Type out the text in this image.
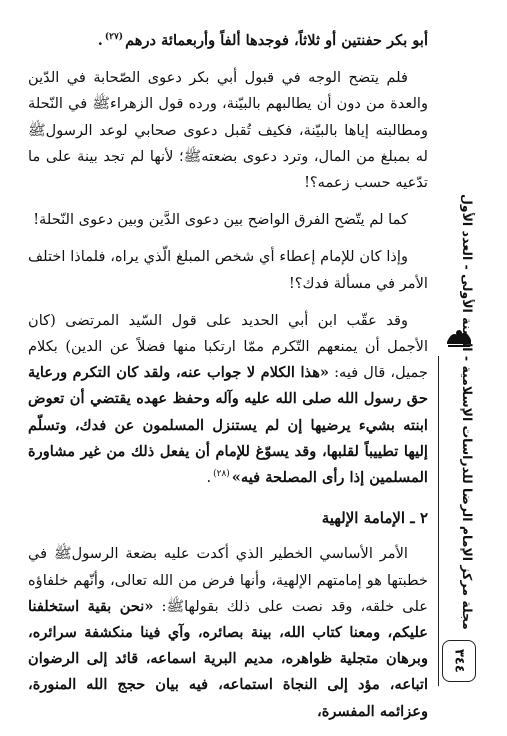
أبو بكر حفنتين أو ثلاثاً، فوجدها ألفاً وأربعمائة درهم$^{(٢٧)}$.

فلم يتضح الوجه في قبول أبي بكر دعوى الصّحابة في الدّين والعدة من دون أن يطالبهم بالبيّنة، ورده قول الزهراءﷺ في النّحلة ومطالبته إياها بالبيّنة، فكيف تُقبل دعوى صحابي لوعد الرسولﷺ له بمبلغ من المال، وترد دعوى بضعتهﷺ؛ لأنها لم تجد بينة على ما تدّعيه حسب زعمه؟!

كما لم يتّضح الفرق الواضح بين دعوى الدَّين وبين دعوى النّحلة!

وإذا كان للإمام إعطاء أي شخص المبلغ الّذي يراه، فلماذا اختلف الأمر في مسألة فدك؟!

وقد عقّب ابن أبي الحديد على قول السّيد المرتضى (كان الأجمل أن يمنعهم التّكرم ممّا ارتكبا منها فضلاً عن الدين) بكلام جميل، قال فيه: «هذا الكلام لا جواب عنه، ولقد كان التكرم ورعاية حق رسول الله صلى الله عليه وآله وحفظ عهده يقتضي أن تعوض ابنته بشيء يرضيها إن لم يستنزل المسلمون عن فدك، وتسلّم إليها تطييباً لقلبها، وقد يسوّغ للإمام أن يفعل ذلك من غير مشاورة المسلمين إذا رأى المصلحة فيه»$^{(٢٨)}$.

٢ ـ الإمامة الإلهية

الأمر الأساسي الخطير الذي أكدت عليه بضعة الرسولﷺ في خطبتها هو إمامتهم الإلهية، وأنها فرض من الله تعالى، وأنّهم خلفاؤه على خلقه، وقد نصت على ذلك بقولهاﷺ: «نحن بقية استخلفنا عليكم، ومعنا كتاب الله، بينة بصائره، وآي فينا منكشفة سرائره، وبرهان متجلية ظواهره، مديم البرية اسماعه، قائد إلى الرضوان اتباعه، مؤد إلى النجاة استماعه، فيه بيان حجج الله المنورة، وعزائمه المفسرة،

مجلة مركز الإمام الرضا للدراسات الإسلامية - السنة الأولى - العدد الأول
٣٤٤
